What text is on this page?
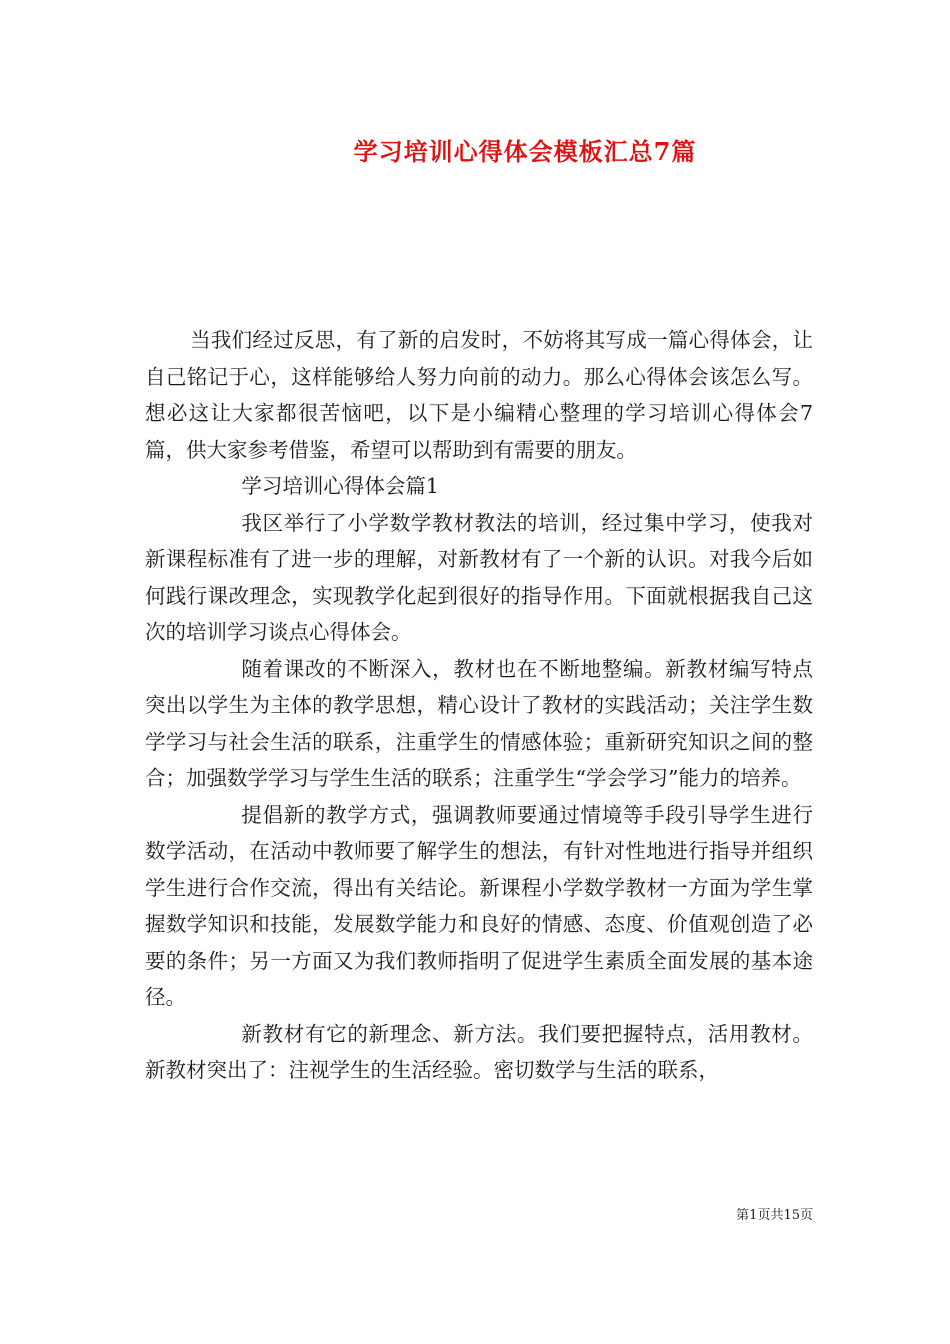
学习培训心得体会模板汇总7篇

当我们经过反思，有了新的启发时，不妨将其写成一篇心得体会，让自己铭记于心，这样能够给人努力向前的动力。那么心得体会该怎么写。想必这让大家都很苦恼吧，以下是小编精心整理的学习培训心得体会7篇，供大家参考借鉴，希望可以帮助到有需要的朋友。

学习培训心得体会篇1

我区举行了小学数学教材教法的培训，经过集中学习，使我对新课程标准有了进一步的理解，对新教材有了一个新的认识。对我今后如何践行课改理念，实现教学化起到很好的指导作用。下面就根据我自己这次的培训学习谈点心得体会。

随着课改的不断深入，教材也在不断地整编。新教材编写特点突出以学生为主体的教学思想，精心设计了教材的实践活动；关注学生数学学习与社会生活的联系，注重学生的情感体验；重新研究知识之间的整合；加强数学学习与学生生活的联系；注重学生“学会学习”能力的培养。

提倡新的教学方式，强调教师要通过情境等手段引导学生进行数学活动，在活动中教师要了解学生的想法，有针对性地进行指导并组织学生进行合作交流，得出有关结论。新课程小学数学教材一方面为学生掌握数学知识和技能，发展数学能力和良好的情感、态度、价值观创造了必要的条件；另一方面又为我们教师指明了促进学生素质全面发展的基本途径。

新教材有它的新理念、新方法。我们要把握特点，活用教材。新教材突出了：注视学生的生活经验。密切数学与生活的联系，

第1页共15页
